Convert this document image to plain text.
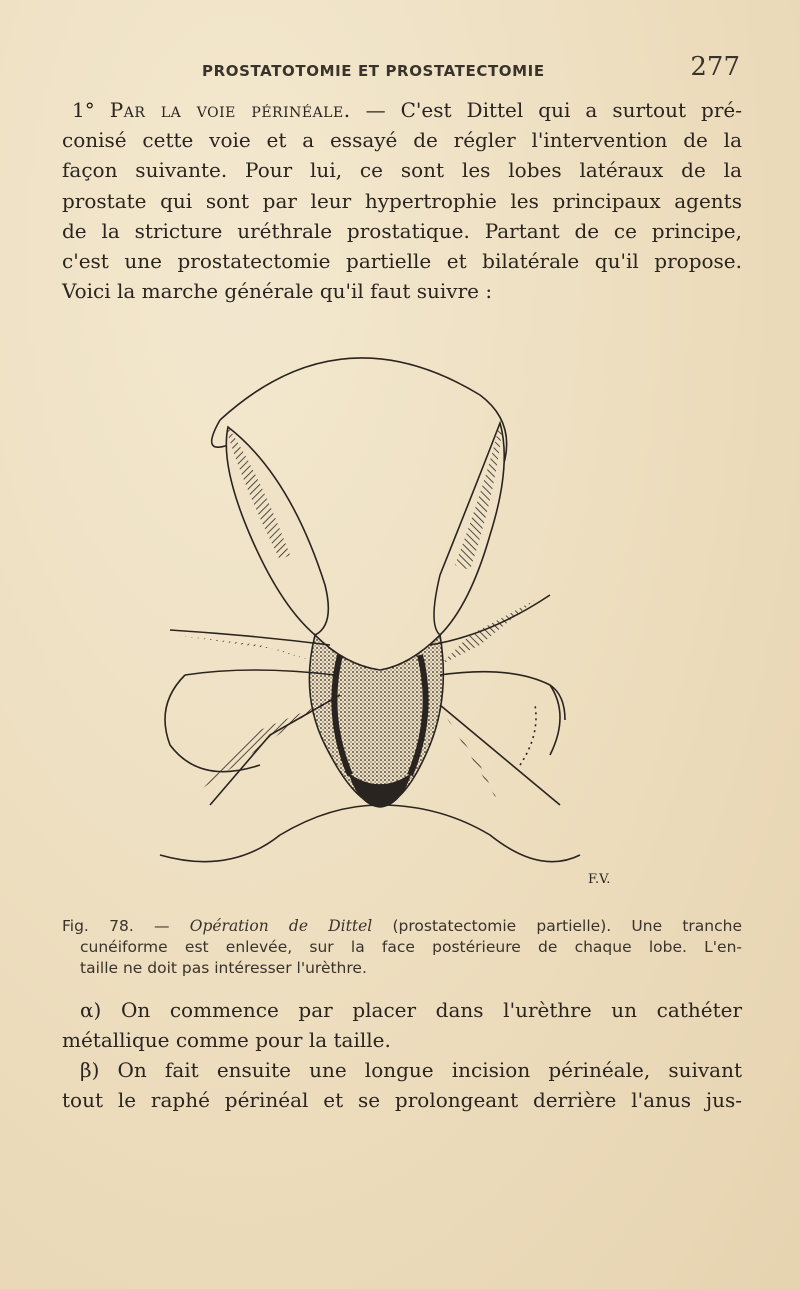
PROSTATOTOMIE ET PROSTATECTOMIE	277
1° Par la voie périnéale. — C'est Dittel qui a surtout pré-
conisé cette voie et a essayé de régler l'intervention de la
façon suivante. Pour lui, ce sont les lobes latéraux de la
prostate qui sont par leur hypertrophie les principaux agents
de la stricture uréthrale prostatique. Partant de ce principe,
c'est une prostatectomie partielle et bilatérale qu'il propose.
Voici la marche générale qu'il faut suivre :
F.V.
Fig. 78. — Opération de Dittel (prostatectomie partielle). Une tranche
cunéiforme est enlevée, sur la face postérieure de chaque lobe. L'en-
taille ne doit pas intéresser l'urèthre.
α) On commence par placer dans l'urèthre un cathéter
métallique comme pour la taille.
β) On fait ensuite une longue incision périnéale, suivant
tout le raphé périnéal et se prolongeant derrière l'anus jus-
